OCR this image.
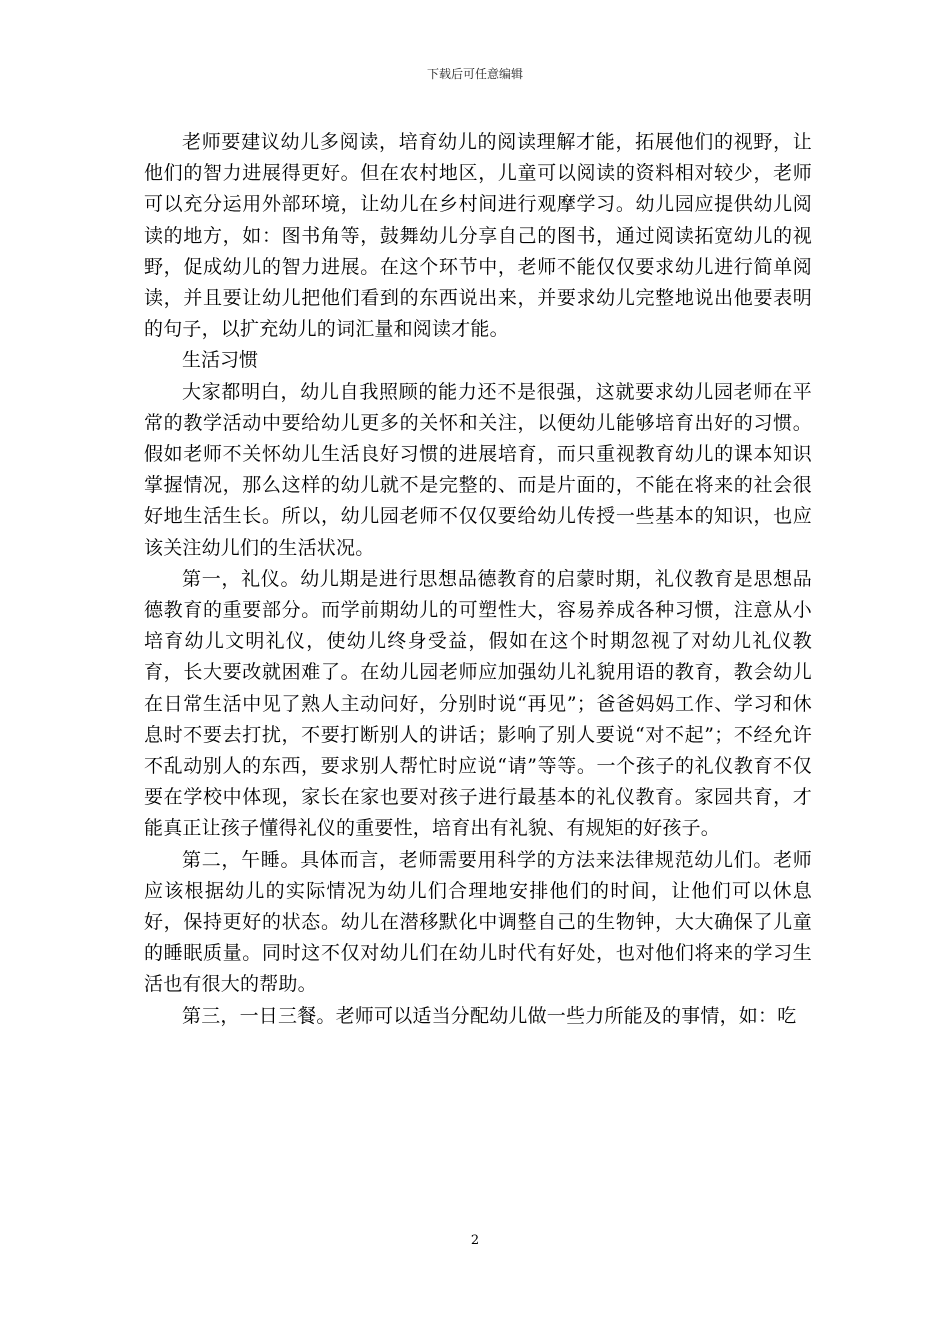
下载后可任意编辑

老师要建议幼儿多阅读，培育幼儿的阅读理解才能，拓展他们的视野，让他们的智力进展得更好。但在农村地区，儿童可以阅读的资料相对较少，老师可以充分运用外部环境，让幼儿在乡村间进行观摩学习。幼儿园应提供幼儿阅读的地方，如：图书角等，鼓舞幼儿分享自己的图书，通过阅读拓宽幼儿的视野，促成幼儿的智力进展。在这个环节中，老师不能仅仅要求幼儿进行简单阅读，并且要让幼儿把他们看到的东西说出来，并要求幼儿完整地说出他要表明的句子，以扩充幼儿的词汇量和阅读才能。

生活习惯

大家都明白，幼儿自我照顾的能力还不是很强，这就要求幼儿园老师在平常的教学活动中要给幼儿更多的关怀和关注，以便幼儿能够培育出好的习惯。假如老师不关怀幼儿生活良好习惯的进展培育，而只重视教育幼儿的课本知识掌握情况，那么这样的幼儿就不是完整的、而是片面的，不能在将来的社会很好地生活生长。所以，幼儿园老师不仅仅要给幼儿传授一些基本的知识，也应该关注幼儿们的生活状况。

第一，礼仪。幼儿期是进行思想品德教育的启蒙时期，礼仪教育是思想品德教育的重要部分。而学前期幼儿的可塑性大，容易养成各种习惯，注意从小培育幼儿文明礼仪，使幼儿终身受益，假如在这个时期忽视了对幼儿礼仪教育，长大要改就困难了。在幼儿园老师应加强幼儿礼貌用语的教育，教会幼儿在日常生活中见了熟人主动问好，分别时说“再见”；爸爸妈妈工作、学习和休息时不要去打扰，不要打断别人的讲话；影响了别人要说“对不起”；不经允许不乱动别人的东西，要求别人帮忙时应说“请”等等。一个孩子的礼仪教育不仅要在学校中体现，家长在家也要对孩子进行最基本的礼仪教育。家园共育，才能真正让孩子懂得礼仪的重要性，培育出有礼貌、有规矩的好孩子。

第二，午睡。具体而言，老师需要用科学的方法来法律规范幼儿们。老师应该根据幼儿的实际情况为幼儿们合理地安排他们的时间，让他们可以休息好，保持更好的状态。幼儿在潜移默化中调整自己的生物钟，大大确保了儿童的睡眠质量。同时这不仅对幼儿们在幼儿时代有好处，也对他们将来的学习生活也有很大的帮助。

第三，一日三餐。老师可以适当分配幼儿做一些力所能及的事情，如：吃

2
